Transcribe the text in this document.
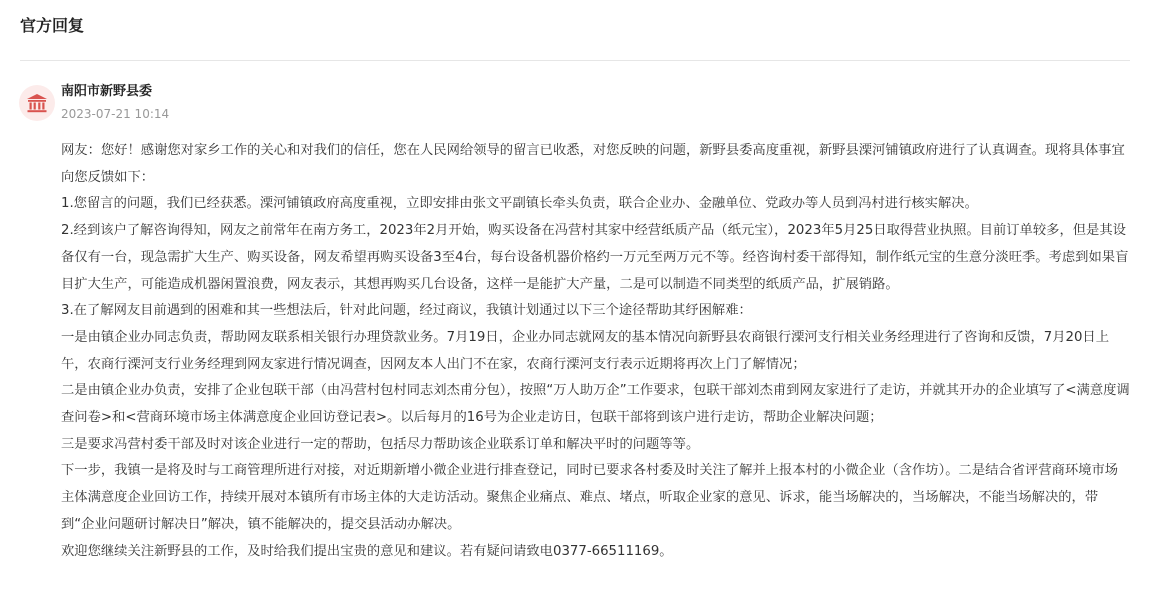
官方回复
南阳市新野县委
2023-07-21 10:14

网友：您好！感谢您对家乡工作的关心和对我们的信任，您在人民网给领导的留言已收悉，对您反映的问题，新野县委高度重视，新野县溧河铺镇政府进行了认真调查。现将具体事宜向您反馈如下：

1.您留言的问题，我们已经获悉。溧河铺镇政府高度重视，立即安排由张文平副镇长牵头负责，联合企业办、金融单位、党政办等人员到冯村进行核实解决。

2.经到该户了解咨询得知，网友之前常年在南方务工，2023年2月开始，购买设备在冯营村其家中经营纸质产品（纸元宝），2023年5月25日取得营业执照。目前订单较多，但是其设备仅有一台，现急需扩大生产、购买设备，网友希望再购买设备3至4台，每台设备机器价格约一万元至两万元不等。经咨询村委干部得知，制作纸元宝的生意分淡旺季。考虑到如果盲目扩大生产，可能造成机器闲置浪费，网友表示，其想再购买几台设备，这样一是能扩大产量，二是可以制造不同类型的纸质产品，扩展销路。

3.在了解网友目前遇到的困难和其一些想法后，针对此问题，经过商议，我镇计划通过以下三个途径帮助其纾困解难：

一是由镇企业办同志负责，帮助网友联系相关银行办理贷款业务。7月19日，企业办同志就网友的基本情况向新野县农商银行溧河支行相关业务经理进行了咨询和反馈，7月20日上午，农商行溧河支行业务经理到网友家进行情况调查，因网友本人出门不在家，农商行溧河支行表示近期将再次上门了解情况；

二是由镇企业办负责，安排了企业包联干部（由冯营村包村同志刘杰甫分包），按照“万人助万企”工作要求，包联干部刘杰甫到网友家进行了走访，并就其开办的企业填写了<满意度调查问卷>和<营商环境市场主体满意度企业回访登记表>。以后每月的16号为企业走访日，包联干部将到该户进行走访，帮助企业解决问题；

三是要求冯营村委干部及时对该企业进行一定的帮助，包括尽力帮助该企业联系订单和解决平时的问题等等。

下一步，我镇一是将及时与工商管理所进行对接，对近期新增小微企业进行排查登记，同时已要求各村委及时关注了解并上报本村的小微企业（含作坊）。二是结合省评营商环境市场主体满意度企业回访工作，持续开展对本镇所有市场主体的大走访活动。聚焦企业痛点、难点、堵点，听取企业家的意见、诉求，能当场解决的，当场解决，不能当场解决的，带到“企业问题研讨解决日”解决，镇不能解决的，提交县活动办解决。

欢迎您继续关注新野县的工作，及时给我们提出宝贵的意见和建议。若有疑问请致电0377-66511169。
